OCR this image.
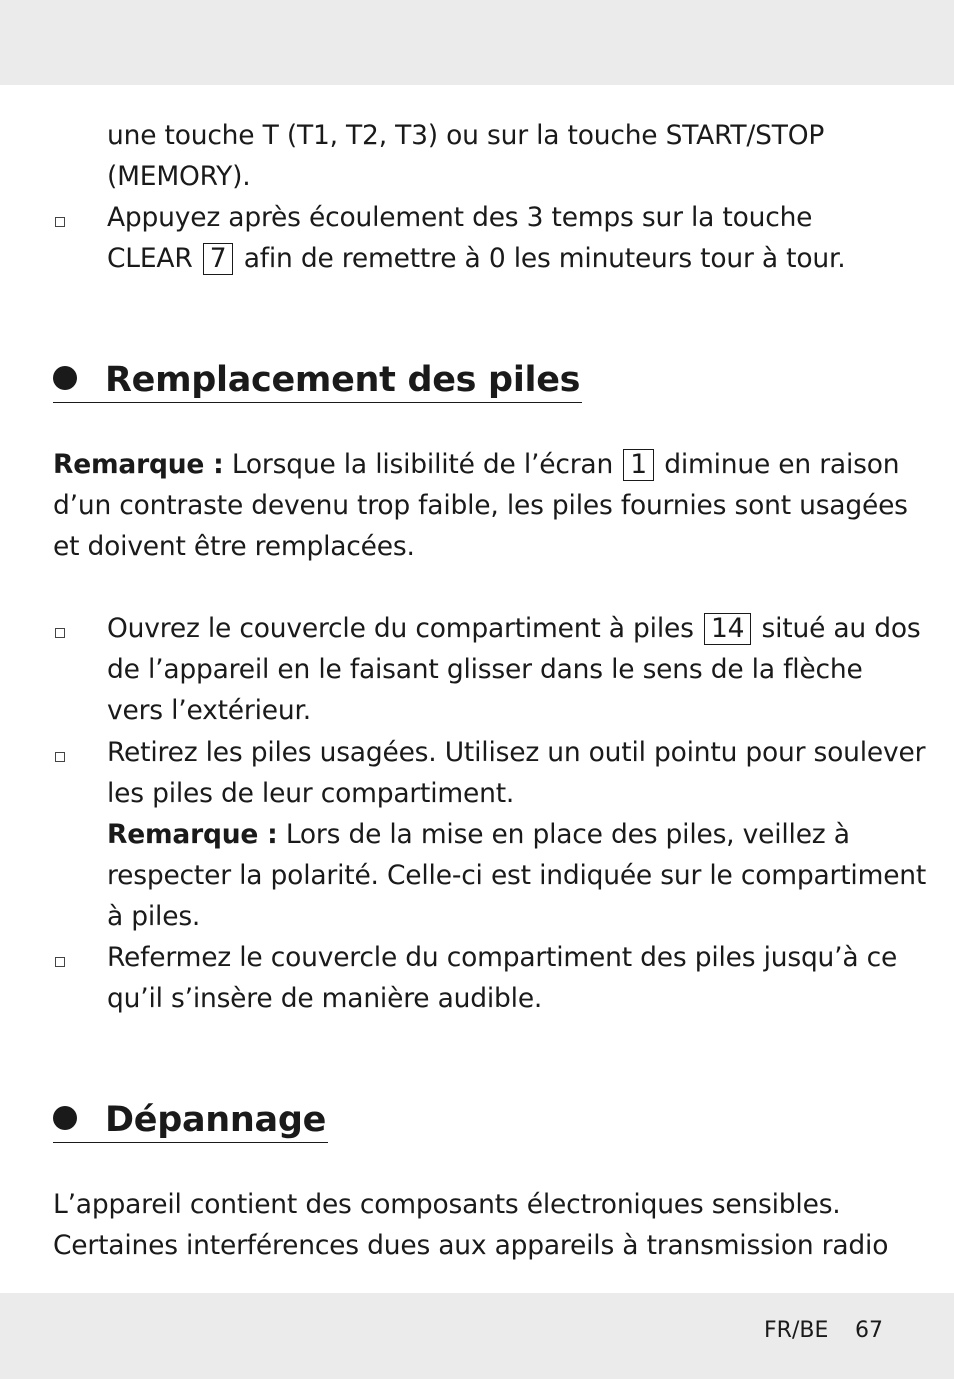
une touche T (T1, T2, T3) ou sur la touche START/STOP
(MEMORY).
Appuyez après écoulement des 3 temps sur la touche
CLEAR 7 afin de remettre à 0 les minuteurs tour à tour.
Remplacement des piles
Remarque : Lorsque la lisibilité de l’écran 1 diminue en raison
d’un contraste devenu trop faible, les piles fournies sont usagées
et doivent être remplacées.
Ouvrez le couvercle du compartiment à piles 14 situé au dos
de l’appareil en le faisant glisser dans le sens de la flèche
vers l’extérieur.
Retirez les piles usagées. Utilisez un outil pointu pour soulever
les piles de leur compartiment.
Remarque : Lors de la mise en place des piles, veillez à
respecter la polarité. Celle-ci est indiquée sur le compartiment
à piles.
Refermez le couvercle du compartiment des piles jusqu’à ce
qu’il s’insère de manière audible.
Dépannage
L’appareil contient des composants électroniques sensibles.
Certaines interférences dues aux appareils à transmission radio
FR/BE 67
